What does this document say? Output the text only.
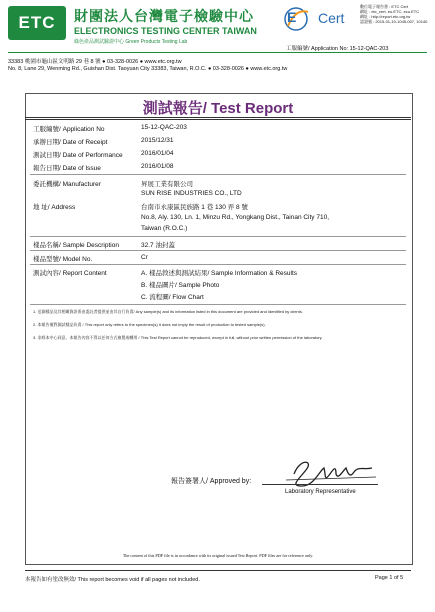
ETC	財團法人台灣電子檢驗中心
ELECTRONICS TESTING CENTER TAIWAN
綠色產品測試驗證中心 Green Products Testing Lab
E Cert
數位電子報告書 : ETC Cert
網址 : etc_cert, eu.ETC, ecu.ETC
網址 : http://report.etc.org.tw
認證號 : 2015-01-10-1045-007, 10140
工服編號/ Application No: 15-12-QAC-203
33383 桃園市龜山區文明路 29 巷 8 號 ● 03-328-0026 ● www.etc.org.tw
No. 8, Lane 29, Wenming Rd., Guishan Dist. Taoyuan City 33383, Taiwan, R.O.C. ● 03-328-0026 ● www.etc.org.tw
測試報告/ Test Report
工服編號/ Application No	15-12-QAC-203
承辦日期/ Date of Receipt	2015/12/31
測試日期/ Date of Performance	2016/01/04
報告日期/ Date of Issue	2016/01/08
委託機構/ Manufacturer	昇展工業有限公司
SUN RISE INDUSTRIES CO., LTD
地 址/ Address	台南市永康區民族路 1 巷 130 弄 8 號
No.8, Aly. 130, Ln. 1, Minzu Rd., Yongkang Dist., Tainan City 710,
Taiwan (R.O.C.)
樣品名稱/ Sample Description	32.7 油封蓋
樣品型號/ Model No.	Cr
測試內容/ Report Content	A. 樣品敘述與測試結果/ Sample Information & Results
B. 樣品圖片/ Sample Photo
C. 流程圖/ Flow Chart
1. 送測樣品及其相關資訊係由委託者提供並由其自行負責/ Any sample(s) and its information listed in this document are provided and identified by clients.
2. 本報告僅對測試樣品負責 / This report only refers to the specimen(s) it does not imply the result of production to tested sample(s).
3. 非經本中心同意，本報告內容不得以任何方式複製或轉用 / This Test Report cannot be reproduced, except in full, without prior written permission of the laboratory.
報告簽署人/ Approved by:
Laboratory Representative
The content of this PDF file is in accordance with its original issued Test Report. PDF files are for reference only.
本報告如有塗改無效/ This report becomes void if all pages not included.	Page 1 of 5
